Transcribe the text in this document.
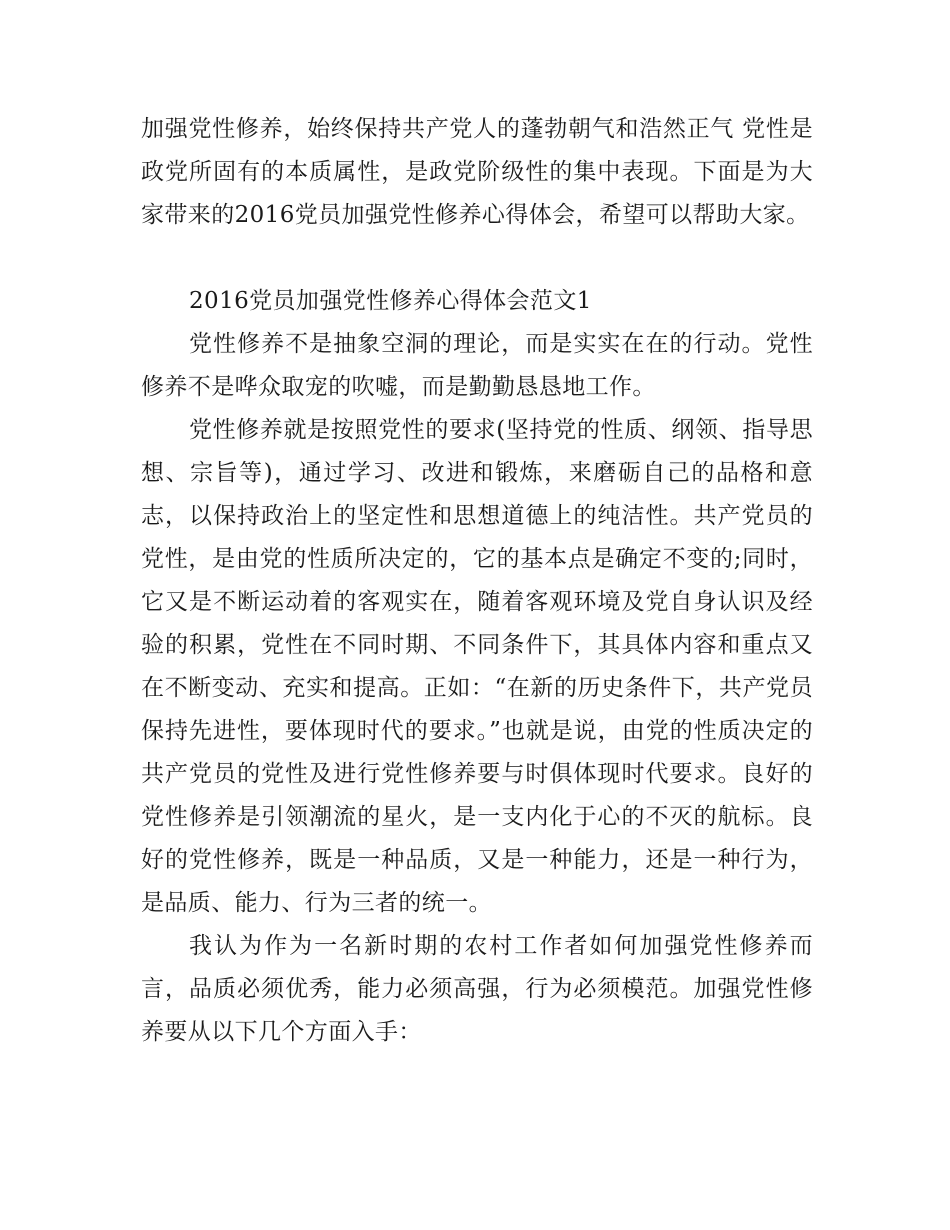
加强党性修养，始终保持共产党人的蓬勃朝气和浩然正气 党性是政党所固有的本质属性，是政党阶级性的集中表现。下面是为大家带来的2016党员加强党性修养心得体会，希望可以帮助大家。

2016党员加强党性修养心得体会范文1

党性修养不是抽象空洞的理论，而是实实在在的行动。党性修养不是哗众取宠的吹嘘，而是勤勤恳恳地工作。

党性修养就是按照党性的要求(坚持党的性质、纲领、指导思想、宗旨等)，通过学习、改进和锻炼，来磨砺自己的品格和意志，以保持政治上的坚定性和思想道德上的纯洁性。共产党员的党性，是由党的性质所决定的，它的基本点是确定不变的;同时，它又是不断运动着的客观实在，随着客观环境及党自身认识及经验的积累，党性在不同时期、不同条件下，其具体内容和重点又在不断变动、充实和提高。正如：“在新的历史条件下，共产党员保持先进性，要体现时代的要求。”也就是说，由党的性质决定的共产党员的党性及进行党性修养要与时俱体现时代要求。良好的党性修养是引领潮流的星火，是一支内化于心的不灭的航标。良好的党性修养，既是一种品质，又是一种能力，还是一种行为，是品质、能力、行为三者的统一。

我认为作为一名新时期的农村工作者如何加强党性修养而言，品质必须优秀，能力必须高强，行为必须模范。加强党性修养要从以下几个方面入手：
